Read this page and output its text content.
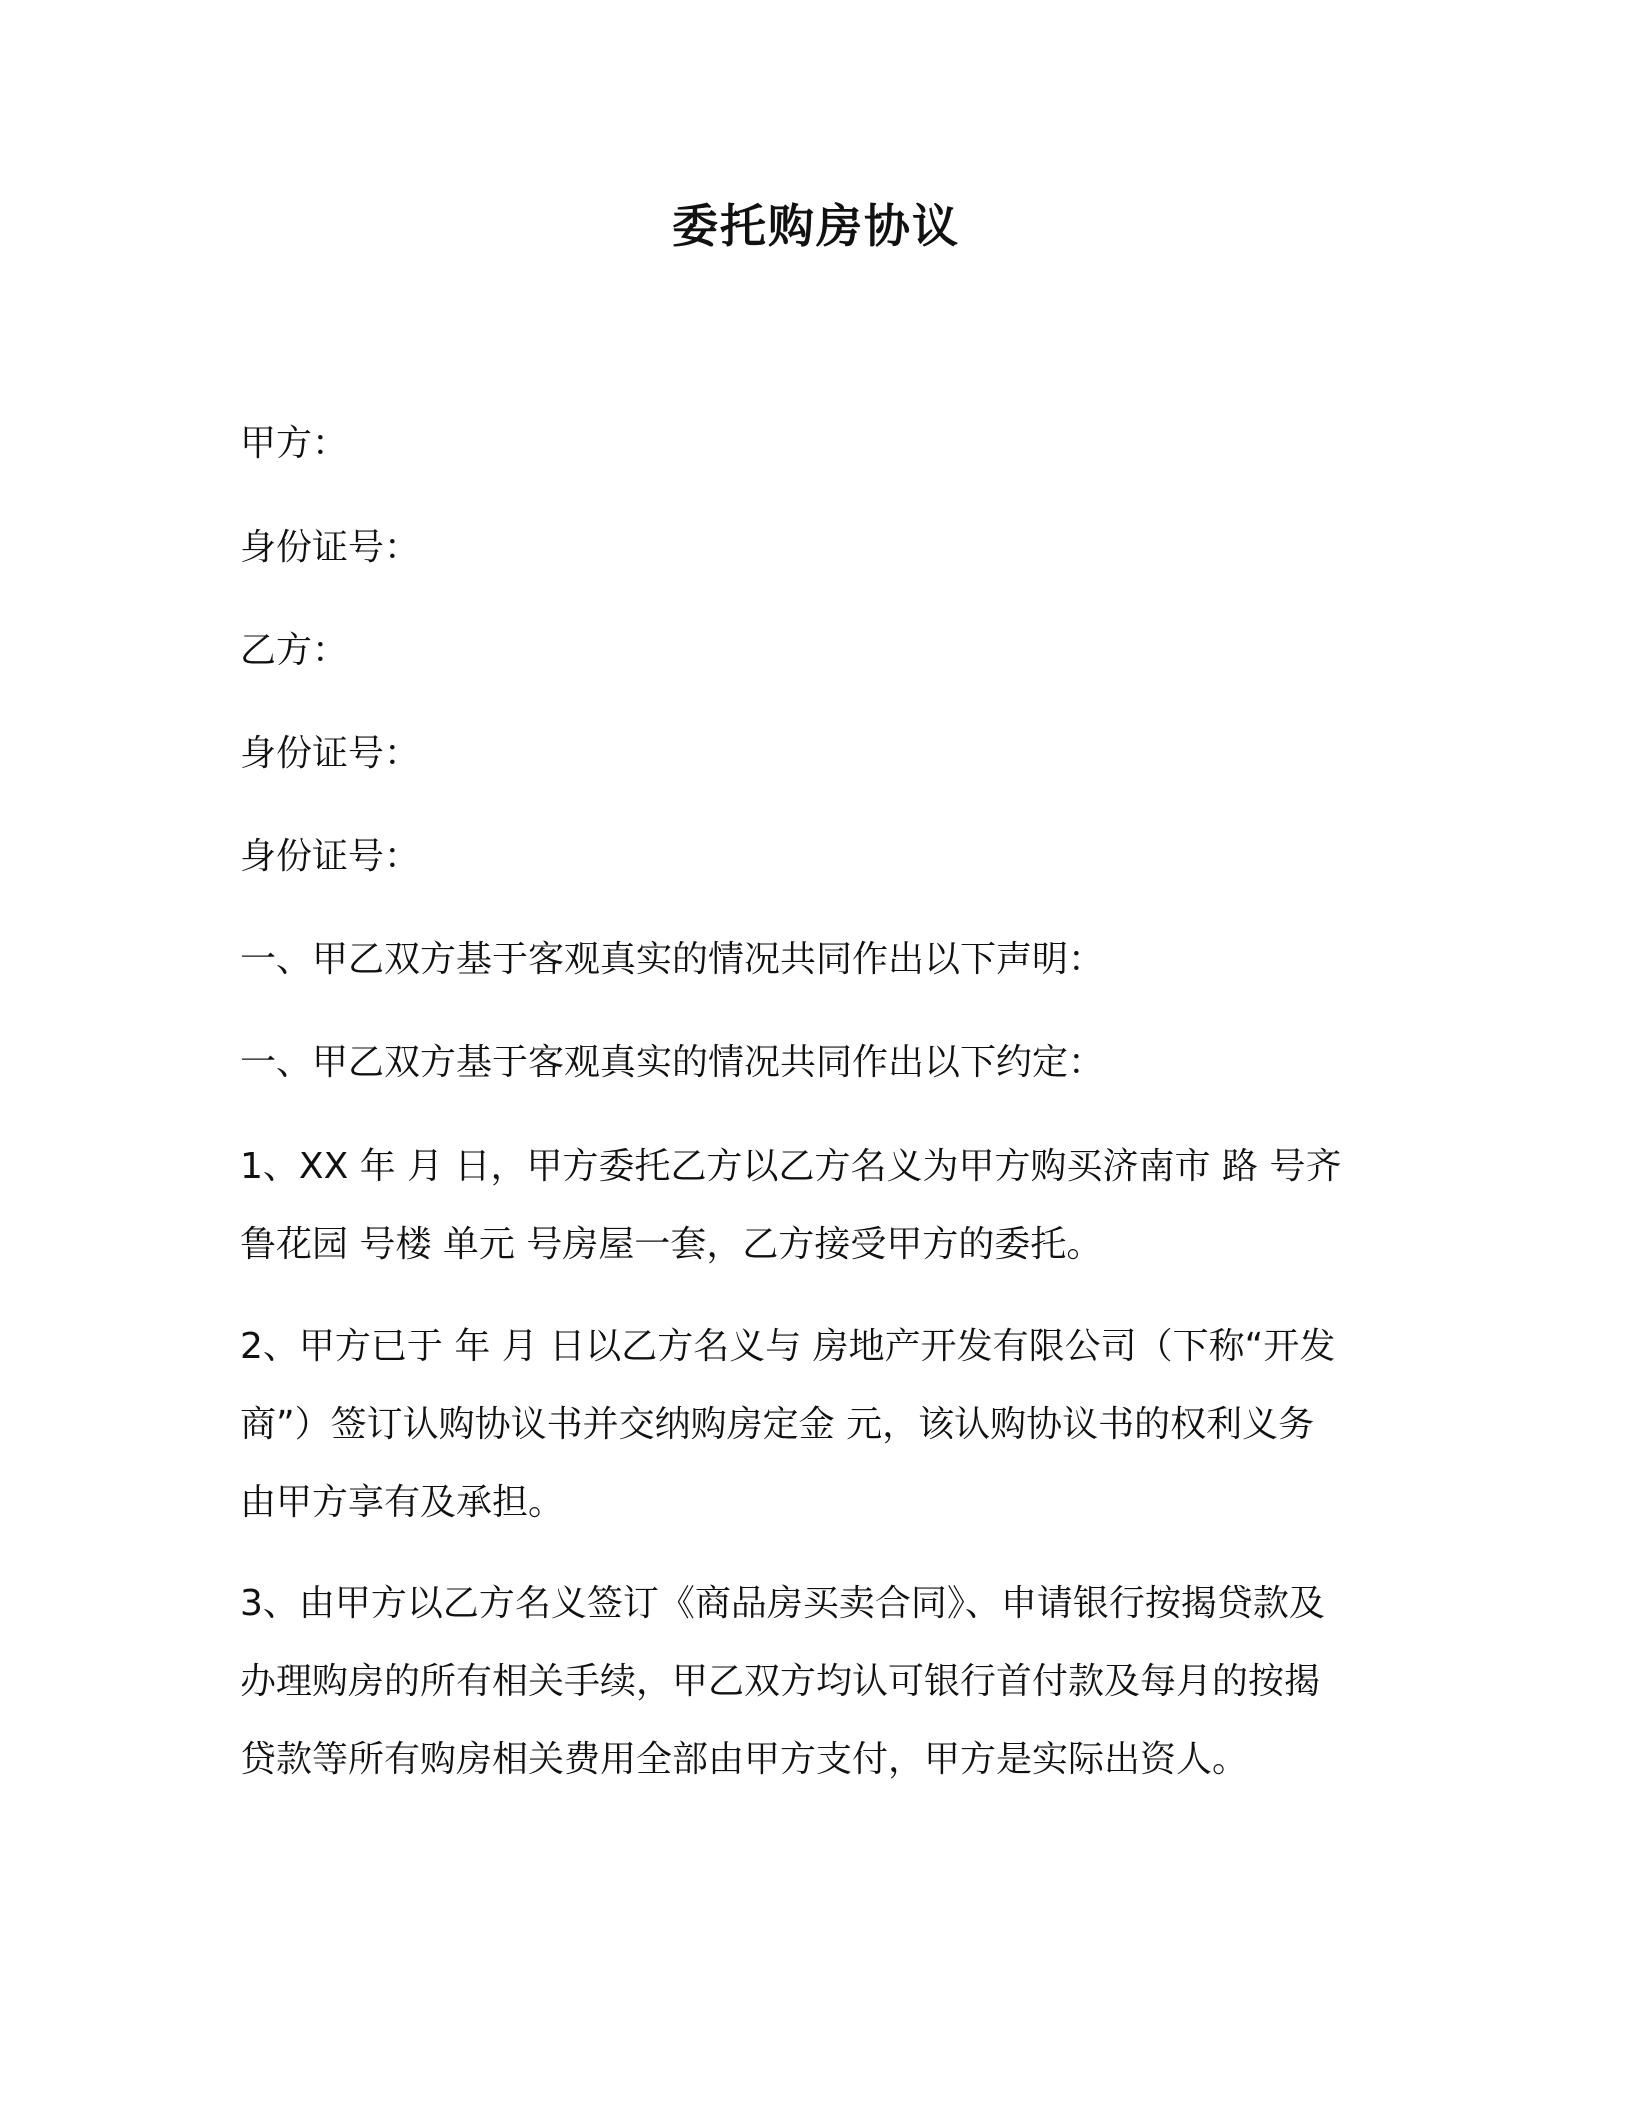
委托购房协议
甲方：
身份证号：
乙方：
身份证号：
身份证号：
一、甲乙双方基于客观真实的情况共同作出以下声明：
一、甲乙双方基于客观真实的情况共同作出以下约定：
1、XX 年 月 日，甲方委托乙方以乙方名义为甲方购买济南市 路 号齐
鲁花园 号楼 单元 号房屋一套，乙方接受甲方的委托。
2、甲方已于 年 月 日以乙方名义与 房地产开发有限公司（下称“开发
商”）签订认购协议书并交纳购房定金 元，该认购协议书的权利义务
由甲方享有及承担。
3、由甲方以乙方名义签订《商品房买卖合同》、申请银行按揭贷款及
办理购房的所有相关手续，甲乙双方均认可银行首付款及每月的按揭
贷款等所有购房相关费用全部由甲方支付，甲方是实际出资人。
